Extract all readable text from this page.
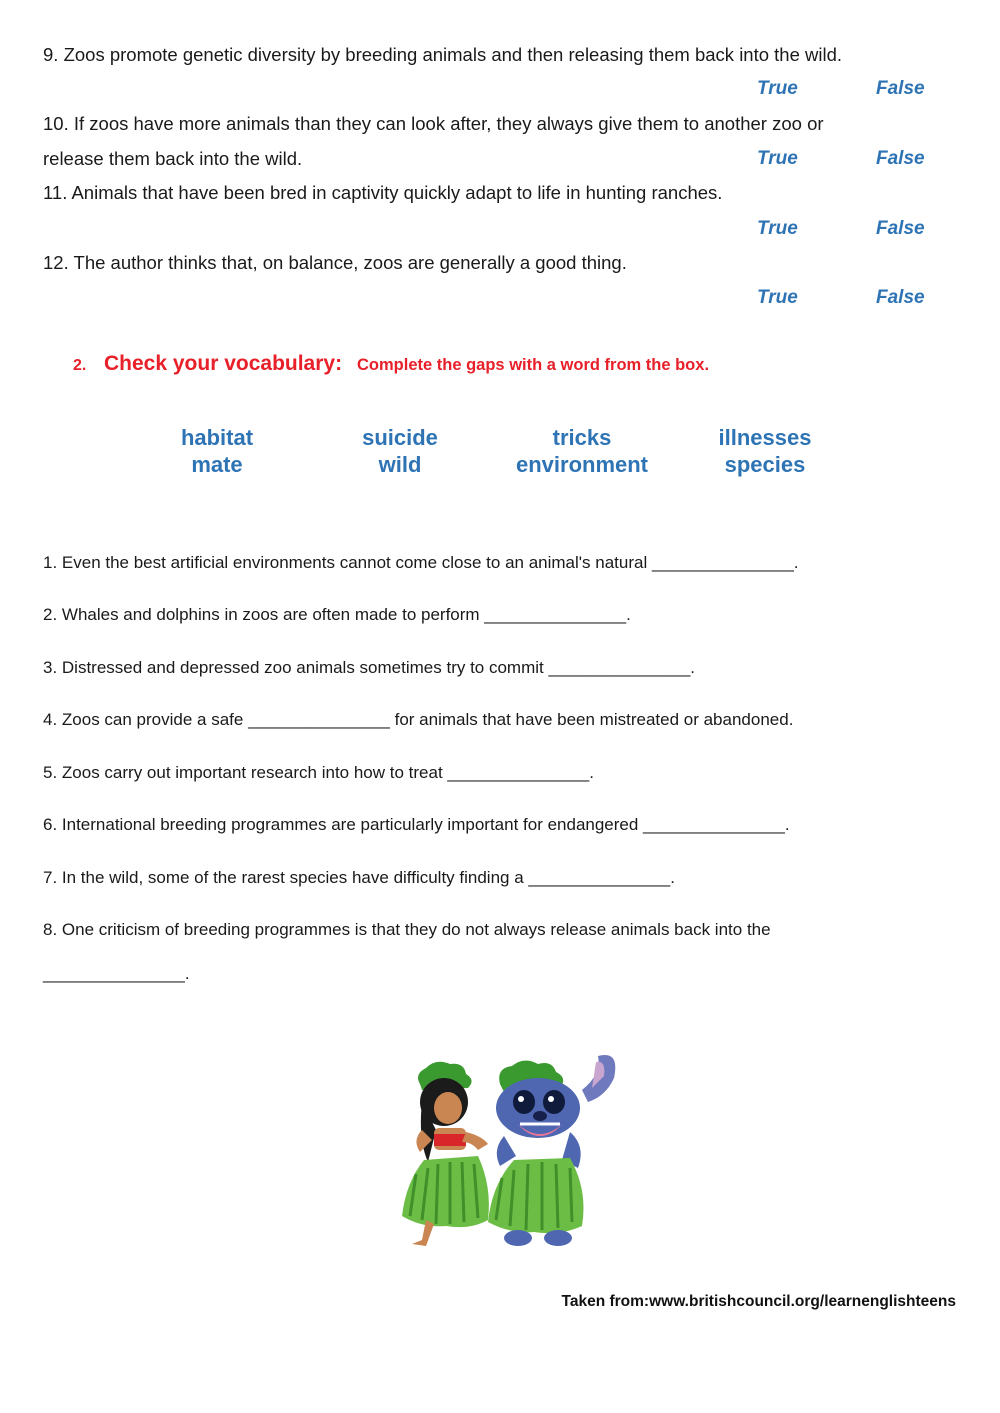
9. Zoos promote genetic diversity by breeding animals and then releasing them back into the wild.
True	False
10. If zoos have more animals than they can look after, they always give them to another zoo or
release them back into the wild.	True	False
11. Animals that have been bred in captivity quickly adapt to life in hunting ranches.
True	False
12. The author thinks that, on balance, zoos are generally a good thing.
True	False
2. Check your vocabulary: Complete the gaps with a word from the box.
habitat	suicide	tricks	illnesses
mate	wild	environment	species
1. Even the best artificial environments cannot come close to an animal's natural _______________.
2. Whales and dolphins in zoos are often made to perform _______________.
3. Distressed and depressed zoo animals sometimes try to commit _______________.
4. Zoos can provide a safe _______________ for animals that have been mistreated or abandoned.
5. Zoos carry out important research into how to treat _______________.
6. International breeding programmes are particularly important for endangered _______________.
7. In the wild, some of the rarest species have difficulty finding a _______________.
8. One criticism of breeding programmes is that they do not always release animals back into the
_______________.
Taken from:www.britishcouncil.org/learnenglishteens
